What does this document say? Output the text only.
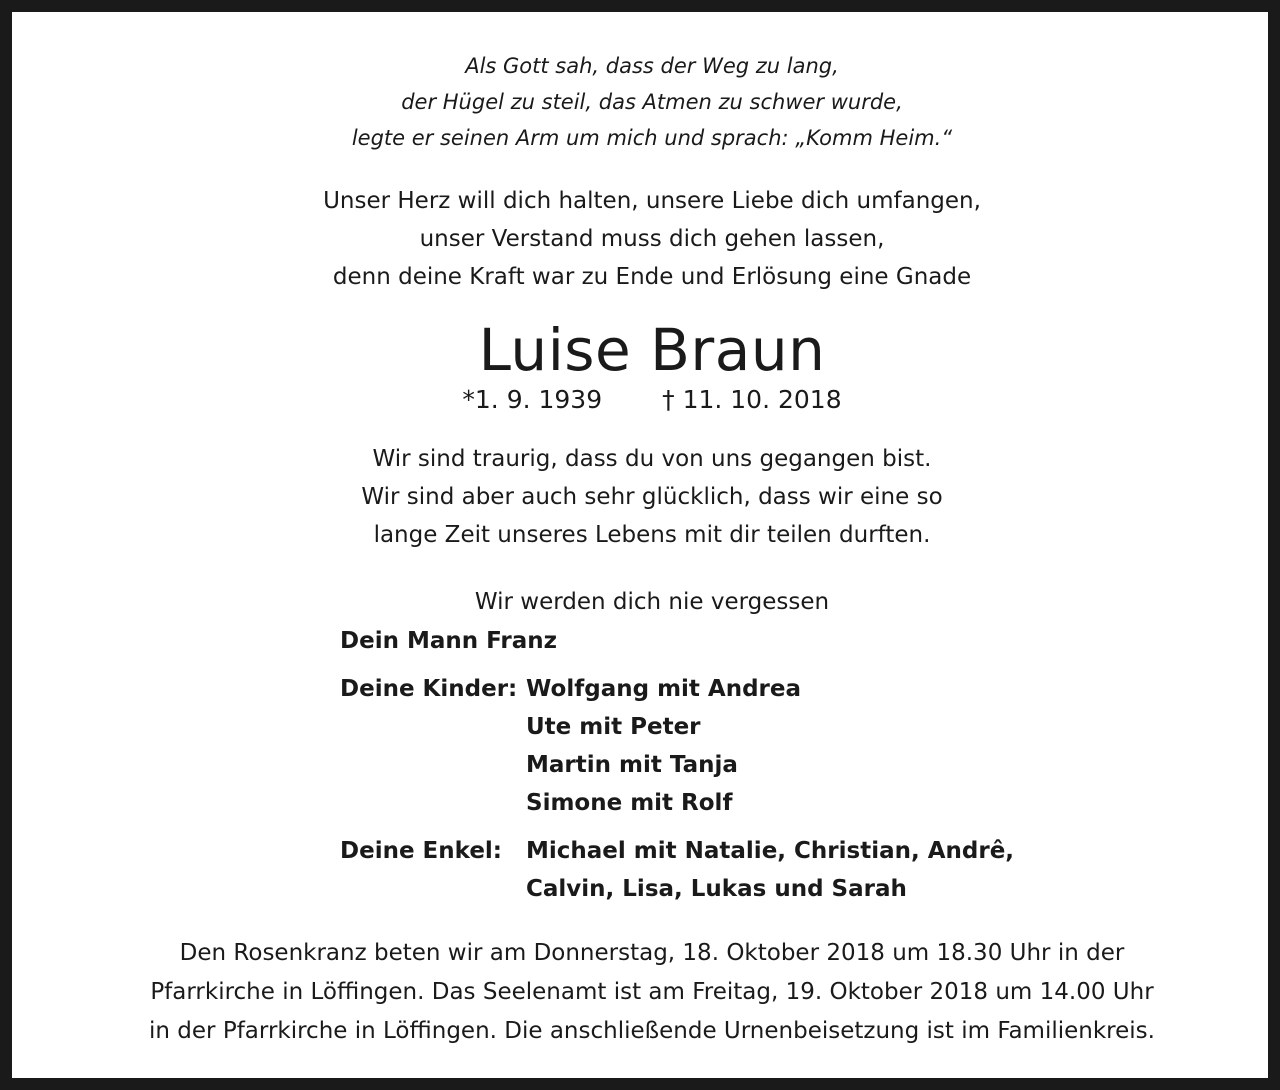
Als Gott sah, dass der Weg zu lang,
der Hügel zu steil, das Atmen zu schwer wurde,
legte er seinen Arm um mich und sprach: „Komm Heim.“
Unser Herz will dich halten, unsere Liebe dich umfangen,
unser Verstand muss dich gehen lassen,
denn deine Kraft war zu Ende und Erlösung eine Gnade
Luise Braun
*1. 9. 1939 † 11. 10. 2018
Wir sind traurig, dass du von uns gegangen bist.
Wir sind aber auch sehr glücklich, dass wir eine so
lange Zeit unseres Lebens mit dir teilen durften.
Wir werden dich nie vergessen
Dein Mann Franz
Deine Kinder: Wolfgang mit Andrea
Ute mit Peter
Martin mit Tanja
Simone mit Rolf
Deine Enkel:	Michael mit Natalie, Christian, Andrê,
Calvin, Lisa, Lukas und Sarah
Den Rosenkranz beten wir am Donnerstag, 18. Oktober 2018 um 18.30 Uhr in der
Pfarrkirche in Löffingen. Das Seelenamt ist am Freitag, 19. Oktober 2018 um 14.00 Uhr
in der Pfarrkirche in Löffingen. Die anschließende Urnenbeisetzung ist im Familienkreis.
